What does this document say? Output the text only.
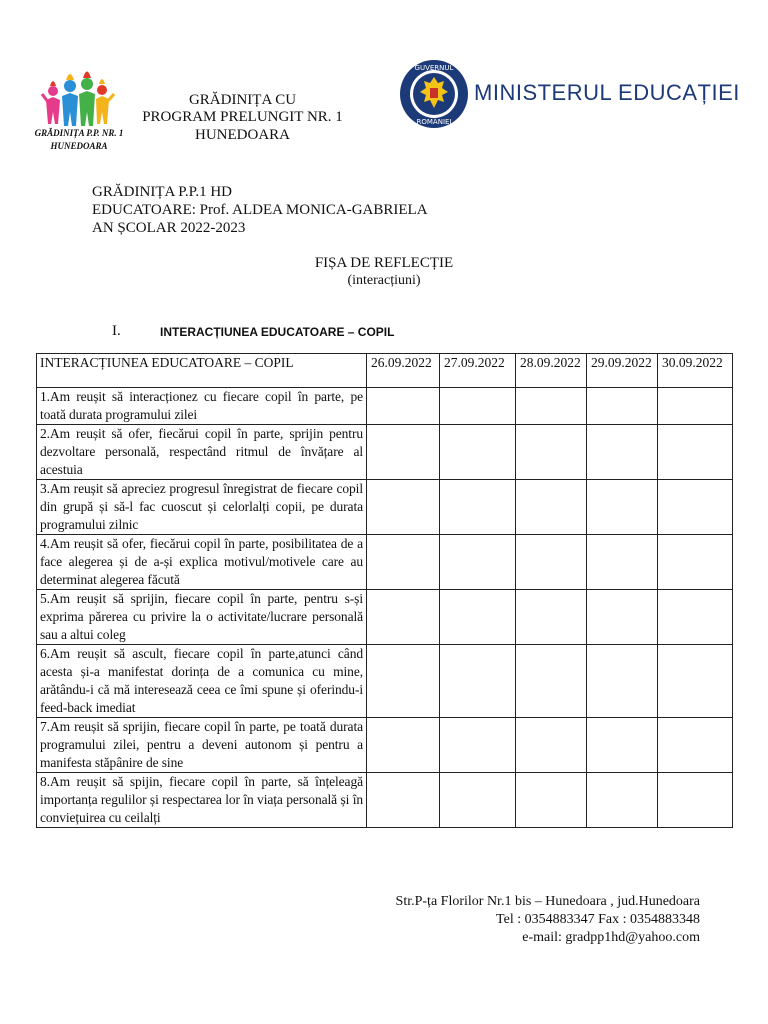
GRĂDINIȚA P.P. NR. 1
HUNEDOARA
GRĂDINIȚA CU
PROGRAM PRELUNGIT NR. 1
HUNEDOARA
GUVERNUL
ROMÂNIEI
MINISTERUL EDUCAȚIEI
GRĂDINIȚA P.P.1 HD
EDUCATOARE: Prof. ALDEA MONICA-GABRIELA
AN ȘCOLAR 2022-2023
FIȘA DE REFLECȚIE
(interacțiuni)
I.	INTERACȚIUNEA EDUCATOARE – COPIL
INTERACȚIUNEA EDUCATOARE – COPIL	26.09.2022	27.09.2022	28.09.2022	29.09.2022	30.09.2022
1.Am reușit să interacționez cu fiecare copil în parte, pe toată durata programului zilei					
2.Am reușit să ofer, fiecărui copil în parte, sprijin pentru dezvoltare personală, respectând ritmul de învățare al acestuia					
3.Am reușit să apreciez progresul înregistrat de fiecare copil din grupă și să-l fac cuoscut și celorlalți copii, pe durata programului zilnic					
4.Am reușit să ofer, fiecărui copil în parte, posibilitatea de a face alegerea și de a-și explica motivul/motivele care au determinat alegerea făcută					
5.Am reușit să sprijin, fiecare copil în parte, pentru s-și exprima părerea cu privire la o activitate/lucrare personală sau a altui coleg					
6.Am reușit să ascult, fiecare copil în parte,atunci când acesta și-a manifestat dorința de a comunica cu mine, arătându-i că mă interesează ceea ce îmi spune și oferindu-i feed-back imediat					
7.Am reușit să sprijin, fiecare copil în parte, pe toată durata programului zilei, pentru a deveni autonom și pentru a manifesta stăpânire de sine					
8.Am reușit să spijin, fiecare copil în parte, să înțeleagă importanța regulilor și respectarea lor în viața personală și în conviețuirea cu ceilalți					
Str.P-ța Florilor Nr.1 bis – Hunedoara , jud.Hunedoara
Tel : 0354883347 Fax : 0354883348
e-mail: gradpp1hd@yahoo.com
